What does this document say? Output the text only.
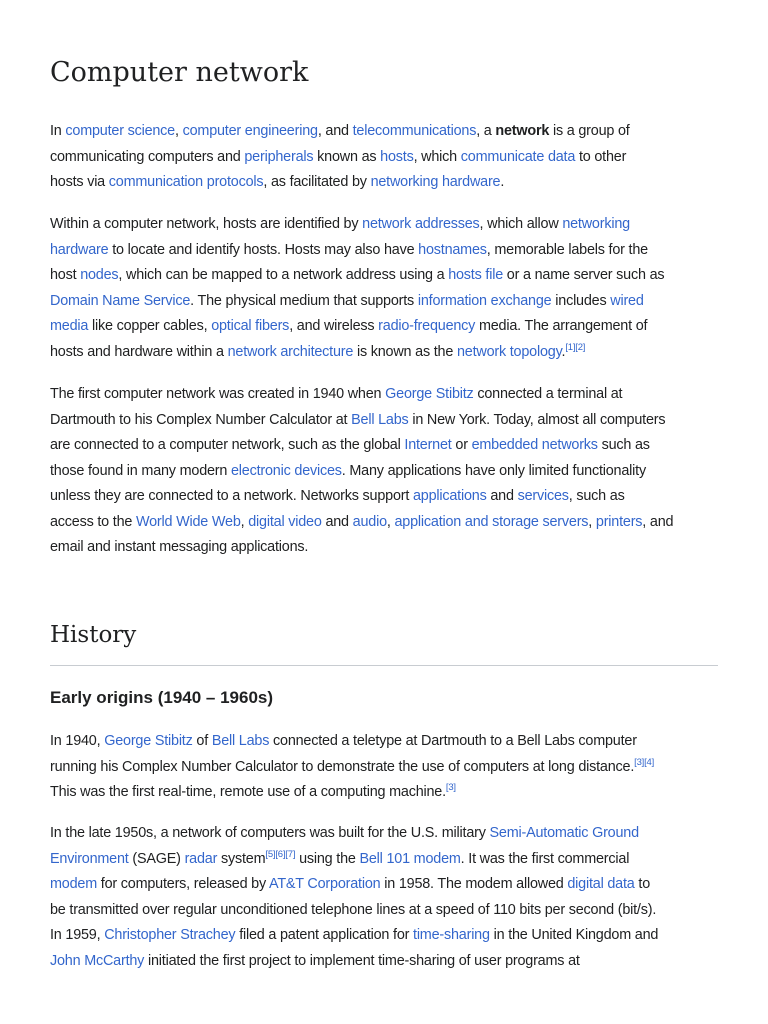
Computer network
In computer science, computer engineering, and telecommunications, a network is a group of
communicating computers and peripherals known as hosts, which communicate data to other
hosts via communication protocols, as facilitated by networking hardware.
Within a computer network, hosts are identified by network addresses, which allow networking
hardware to locate and identify hosts. Hosts may also have hostnames, memorable labels for the
host nodes, which can be mapped to a network address using a hosts file or a name server such as
Domain Name Service. The physical medium that supports information exchange includes wired
media like copper cables, optical fibers, and wireless radio-frequency media. The arrangement of
hosts and hardware within a network architecture is known as the network topology.[1][2]
The first computer network was created in 1940 when George Stibitz connected a terminal at
Dartmouth to his Complex Number Calculator at Bell Labs in New York. Today, almost all computers
are connected to a computer network, such as the global Internet or embedded networks such as
those found in many modern electronic devices. Many applications have only limited functionality
unless they are connected to a network. Networks support applications and services, such as
access to the World Wide Web, digital video and audio, application and storage servers, printers, and
email and instant messaging applications.
History
Early origins (1940 – 1960s)
In 1940, George Stibitz of Bell Labs connected a teletype at Dartmouth to a Bell Labs computer
running his Complex Number Calculator to demonstrate the use of computers at long distance.[3][4]
This was the first real-time, remote use of a computing machine.[3]
In the late 1950s, a network of computers was built for the U.S. military Semi-Automatic Ground
Environment (SAGE) radar system[5][6][7] using the Bell 101 modem. It was the first commercial
modem for computers, released by AT&T Corporation in 1958. The modem allowed digital data to
be transmitted over regular unconditioned telephone lines at a speed of 110 bits per second (bit/s).
In 1959, Christopher Strachey filed a patent application for time-sharing in the United Kingdom and
John McCarthy initiated the first project to implement time-sharing of user programs at
